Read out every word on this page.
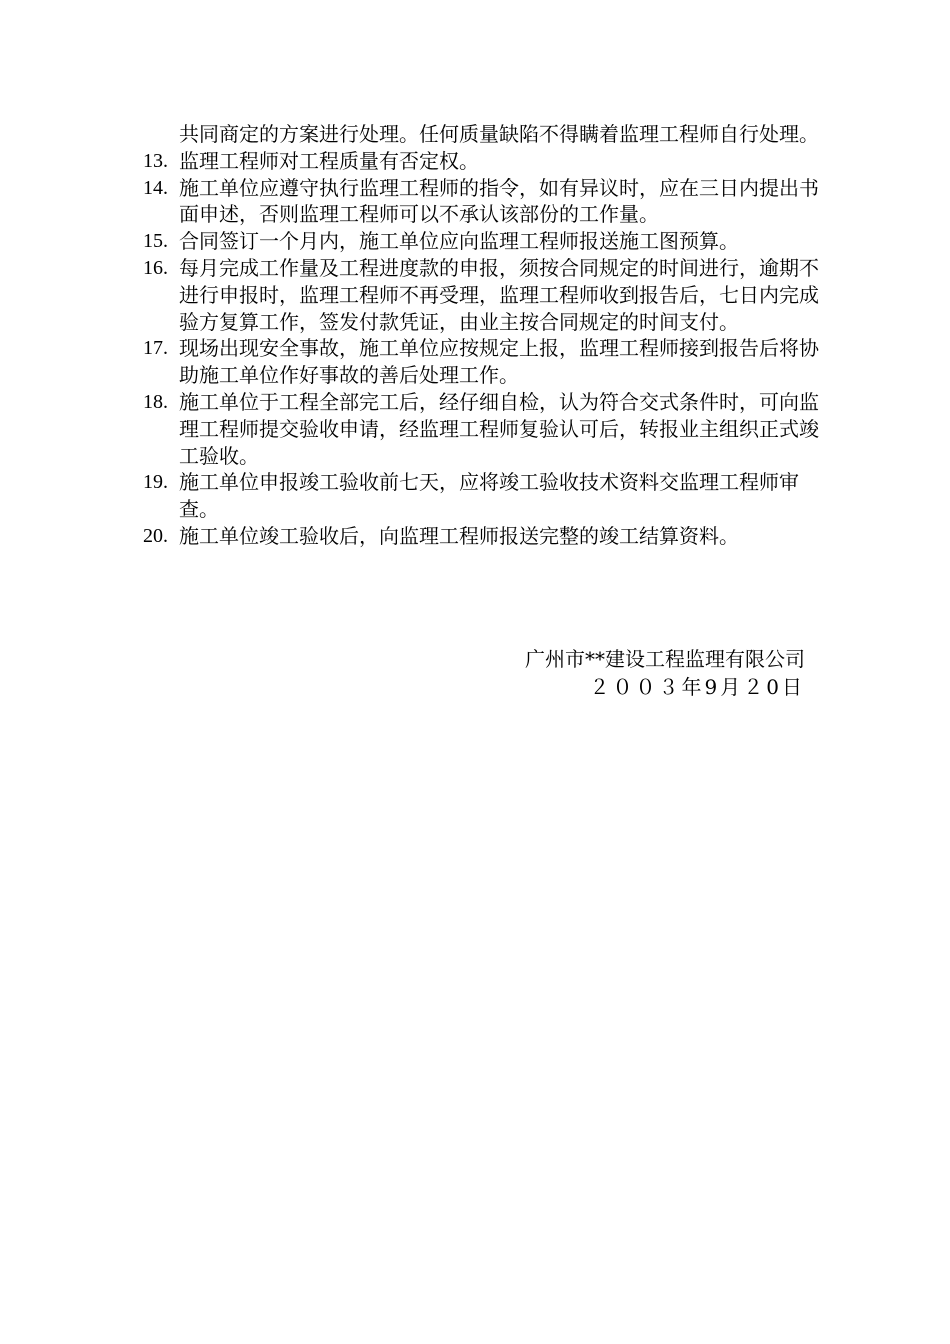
共同商定的方案进行处理。任何质量缺陷不得瞒着监理工程师自行处理。

13. 监理工程师对工程质量有否定权。

14. 施工单位应遵守执行监理工程师的指令，如有异议时，应在三日内提出书面申述，否则监理工程师可以不承认该部份的工作量。

15. 合同签订一个月内，施工单位应向监理工程师报送施工图预算。

16. 每月完成工作量及工程进度款的申报，须按合同规定的时间进行，逾期不进行申报时，监理工程师不再受理，监理工程师收到报告后，七日内完成验方复算工作，签发付款凭证，由业主按合同规定的时间支付。

17. 现场出现安全事故，施工单位应按规定上报，监理工程师接到报告后将协助施工单位作好事故的善后处理工作。

18. 施工单位于工程全部完工后，经仔细自检，认为符合交式条件时，可向监理工程师提交验收申请，经监理工程师复验认可后，转报业主组织正式竣工验收。

19. 施工单位申报竣工验收前七天，应将竣工验收技术资料交监理工程师审查。

20. 施工单位竣工验收后，向监理工程师报送完整的竣工结算资料。

广州市**建设工程监理有限公司
２００３年9月２0日
